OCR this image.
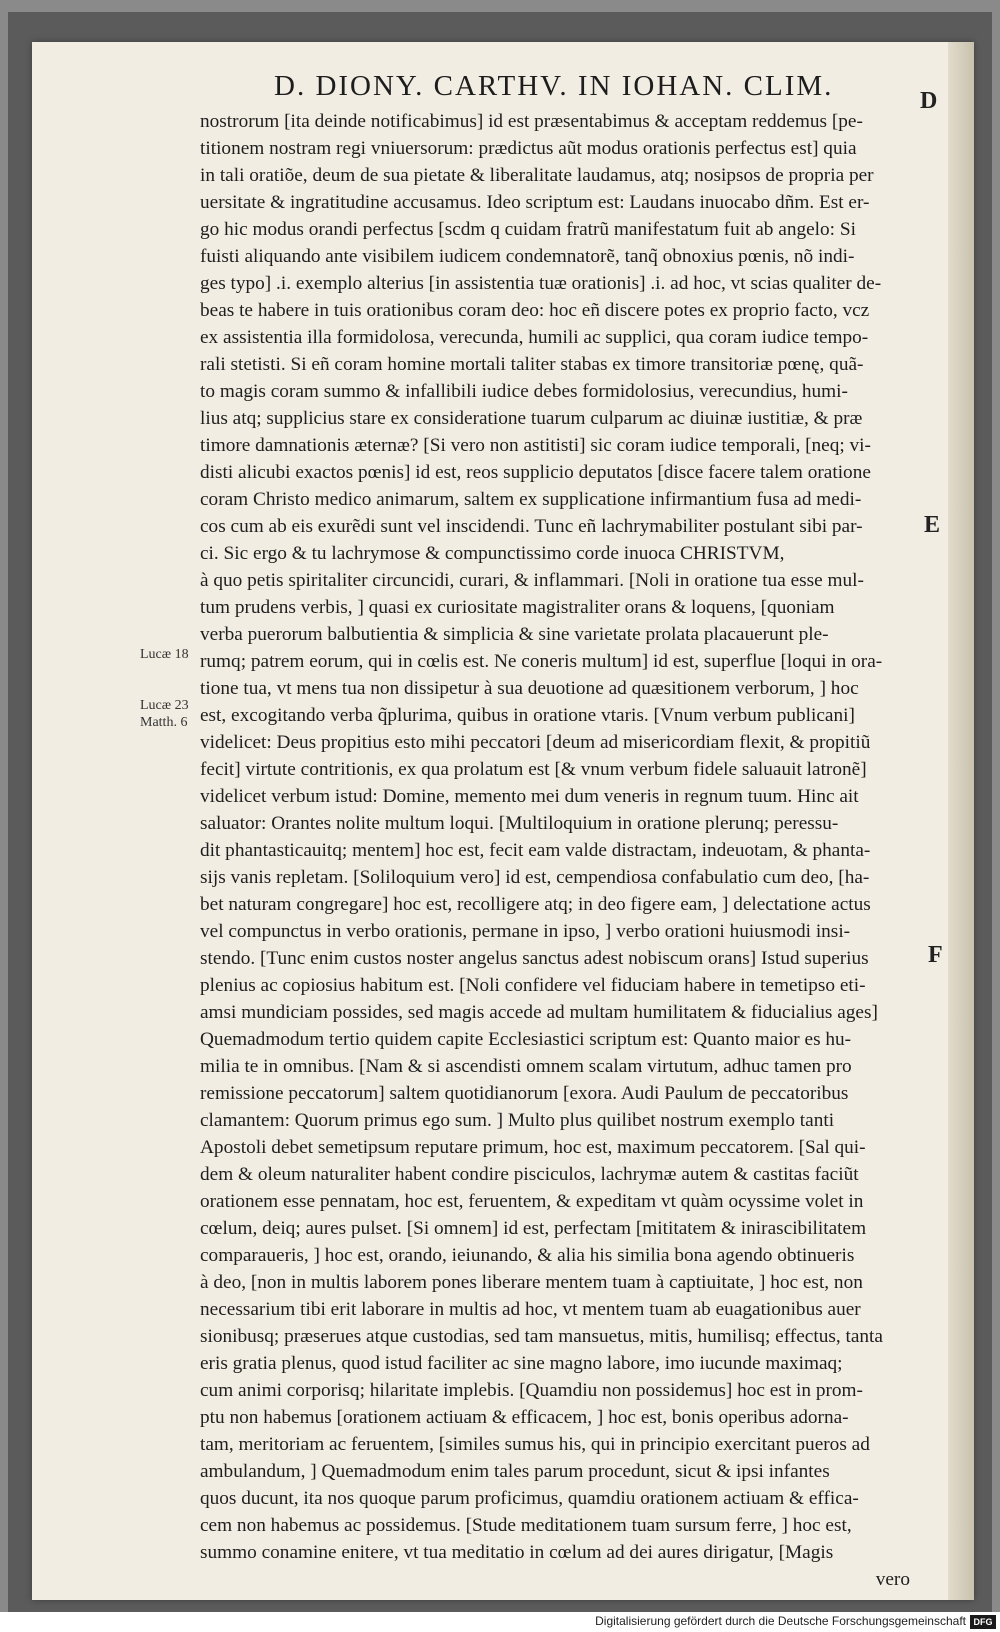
D. DIONY. CARTHV. IN IOHAN. CLIM.	D
E
F
Lucæ 18
Lucæ 23
Matth. 6
nostrorum [ita deinde notificabimus] id est præsentabimus & acceptam reddemus [pe-
titionem nostram regi vniuersorum: prædictus aũt modus orationis perfectus est] quia
in tali oratiõe, deum de sua pietate & liberalitate laudamus, atq; nosipsos de propria per
uersitate & ingratitudine accusamus. Ideo scriptum est: Laudans inuocabo dñm. Est er-
go hic modus orandi perfectus [scdm q cuidam fratrũ manifestatum fuit ab angelo: Si
fuisti aliquando ante visibilem iudicem condemnatorẽ, tanq̃ obnoxius pœnis, nõ indi-
ges typo] .i. exemplo alterius [in assistentia tuæ orationis] .i. ad hoc, vt scias qualiter de-
beas te habere in tuis orationibus coram deo: hoc eñ discere potes ex proprio facto, vcz
ex assistentia illa formidolosa, verecunda, humili ac supplici, qua coram iudice tempo-
rali stetisti. Si eñ coram homine mortali taliter stabas ex timore transitoriæ pœnę, quã-
to magis coram summo & infallibili iudice debes formidolosius, verecundius, humi-
lius atq; supplicius stare ex consideratione tuarum culparum ac diuinæ iustitiæ, & præ
timore damnationis æternæ? [Si vero non astitisti] sic coram iudice temporali, [neq; vi-
disti alicubi exactos pœnis] id est, reos supplicio deputatos [disce facere talem oratione
coram Christo medico animarum, saltem ex supplicatione infirmantium fusa ad medi-
cos cum ab eis exurẽdi sunt vel inscidendi. Tunc eñ lachrymabiliter postulant sibi par-
ci. Sic ergo & tu lachrymose & compunctissimo corde inuoca CHRISTVM,
à quo petis spiritaliter circuncidi, curari, & inflammari. [Noli in oratione tua esse mul-
tum prudens verbis, ] quasi ex curiositate magistraliter orans & loquens, [quoniam
verba puerorum balbutientia & simplicia & sine varietate prolata placauerunt ple-
rumq; patrem eorum, qui in cœlis est. Ne coneris multum] id est, superflue [loqui in ora-
tione tua, vt mens tua non dissipetur à sua deuotione ad quæsitionem verborum, ] hoc
est, excogitando verba q̃plurima, quibus in oratione vtaris. [Vnum verbum publicani]
videlicet: Deus propitius esto mihi peccatori [deum ad misericordiam flexit, & propitiũ
fecit] virtute contritionis, ex qua prolatum est [& vnum verbum fidele saluauit latronẽ]
videlicet verbum istud: Domine, memento mei dum veneris in regnum tuum. Hinc ait
saluator: Orantes nolite multum loqui. [Multiloquium in oratione plerunq; peressu-
dit phantasticauitq; mentem] hoc est, fecit eam valde distractam, indeuotam, & phanta-
sijs vanis repletam. [Soliloquium vero] id est, cempendiosa confabulatio cum deo, [ha-
bet naturam congregare] hoc est, recolligere atq; in deo figere eam, ] delectatione actus
vel compunctus in verbo orationis, permane in ipso, ] verbo orationi huiusmodi insi-
stendo. [Tunc enim custos noster angelus sanctus adest nobiscum orans] Istud superius
plenius ac copiosius habitum est. [Noli confidere vel fiduciam habere in temetipso eti-
amsi mundiciam possides, sed magis accede ad multam humilitatem & fiducialius ages]
Quemadmodum tertio quidem capite Ecclesiastici scriptum est: Quanto maior es hu-
milia te in omnibus. [Nam & si ascendisti omnem scalam virtutum, adhuc tamen pro
remissione peccatorum] saltem quotidianorum [exora. Audi Paulum de peccatoribus
clamantem: Quorum primus ego sum. ] Multo plus quilibet nostrum exemplo tanti
Apostoli debet semetipsum reputare primum, hoc est, maximum peccatorem. [Sal qui-
dem & oleum naturaliter habent condire pisciculos, lachrymæ autem & castitas faciũt
orationem esse pennatam, hoc est, feruentem, & expeditam vt quàm ocyssime volet in
cœlum, deiq; aures pulset. [Si omnem] id est, perfectam [mititatem & inirascibilitatem
comparaueris, ] hoc est, orando, ieiunando, & alia his similia bona agendo obtinueris
à deo, [non in multis laborem pones liberare mentem tuam à captiuitate, ] hoc est, non
necessarium tibi erit laborare in multis ad hoc, vt mentem tuam ab euagationibus auer
sionibusq; præserues atque custodias, sed tam mansuetus, mitis, humilisq; effectus, tanta
eris gratia plenus, quod istud faciliter ac sine magno labore, imo iucunde maximaq;
cum animi corporisq; hilaritate implebis. [Quamdiu non possidemus] hoc est in prom-
ptu non habemus [orationem actiuam & efficacem, ] hoc est, bonis operibus adorna-
tam, meritoriam ac feruentem, [similes sumus his, qui in principio exercitant pueros ad
ambulandum, ] Quemadmodum enim tales parum procedunt, sicut & ipsi infantes
quos ducunt, ita nos quoque parum proficimus, quamdiu orationem actiuam & effica-
cem non habemus ac possidemus. [Stude meditationem tuam sursum ferre, ] hoc est,
summo conamine enitere, vt tua meditatio in cœlum ad dei aures dirigatur, [Magis
vero
Digitalisierung gefördert durch die Deutsche Forschungsgemeinschaft DFG
